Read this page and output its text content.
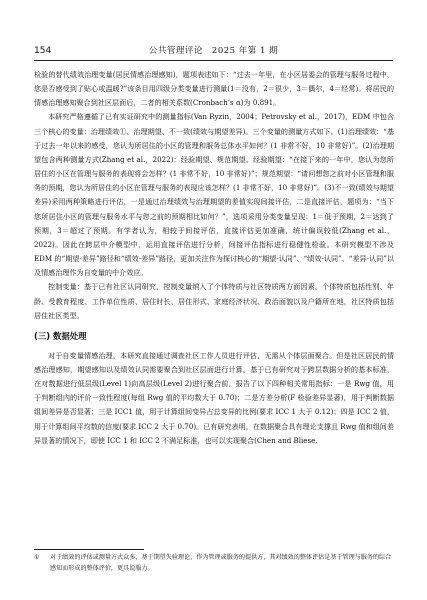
154	公共管理评论　2025 年第 1 期

检验的替代绩效治理变量(居民情感治理感知)，题项表述如下：“过去一年里，在小区居委会的管理与服务过程中，您是否感受到了贴心或温暖?”该条目用四级分类变量进行测量(1＝没有，2＝很少，3＝偶尔，4＝经常)。将居民的情感治理感知聚合到社区层面后，二者的相关系数(Cronbach’s α)为 0.891。

本研究严格遵循了已有实证研究中的测量指标(Van Ryzin，2004；Petrovsky et al.，2017)，EDM 中包含三个核心的变量：治理绩效①、治理期望、不一致(绩效与期望差异)。三个变量的测量方式如下。(1)治理绩效：“基于过去一年以来的感受，您认为所居住的小区的管理和服务总体水平如何？(1 非常不好，10 非常好)”。(2)治理期望包含两种测量方式(Zhang et al.，2022)：经验期望、规范期望。经验期望：“在接下来的一年中，您认为您所居住的小区在管理与服务的表现将会怎样？(1 非常不好，10 非常好)”；规范期望：“请问想您之前对小区管理和服务的预期，您认为所居住的小区在管理与服务的表现应该怎样？(1 非常不好，10 非常好)”。(3)不一致(绩效与期望差异)采用两种策略进行评估，一是通过治理绩效与治理期望的差值实现间接评估，二是直接评估，题项为：“当下您所居住小区的管理与服务水平与您之前的预期相比如何？”，选项采用分类变量呈现：1＝低于预期，2＝达到了预期，3＝超过了预期。有学者认为，相较于间接评估，直接评估更加准确，统计偏误较低(Zhang et al.，2022)。因此在跨层中介模型中，运用直接评估进行分析，间接评估指标进行稳健性检验。本研究模型不涉及 EDM 的“期望-差异”路径和“绩效-差异”路径，更加关注作为探讨核心的“期望-认同”、“绩效-认同”、“差异-认同”以及情感治理作为自变量的中介效应。

控制变量：基于已有社区认同研究，控制变量纳入了个体特质与社区特质两方面因素。个体特质包括性别、年龄、受教育程度、工作单位性质、居住时长、居住形式、家庭经济状况、政治面貌以及户籍所在地，社区特质包括居住社区类型。

(三) 数据处理

对于自变量情感治理，本研究直接通过调查社区工作人员进行评估，无需从个体层面聚合。但是社区居民的情感治理感知，期望感知以及绩效认同需要聚合到社区层面进行计算。基于已有研究对于跨层数据分析的基本标准，在对数据进行低层级(Level 1)向高层级(Level 2)进行聚合前，报告了以下四种相关常用指标：一是 Rwg 值，用于判断组内的评价一致性程度(每组 Rwg 值的平均数大于 0.70)；二是方差分析(F 检验差异显著)，用于判断数据组间差异是否显著；三是 ICC1 值，用于计算组间变异占总变异的比例(要求 ICC 1 大于 0.12)；四是 ICC 2 值，用于计算组间平均数的信度(要求 ICC 2 大于 0.70)。已有研究表明，在数据聚合具有理论支撑且 Rwg 值和组间差异显著的情况下，即使 ICC 1 和 ICC 2 不满足标准，也可以实现聚合(Chen and Bliese,

① 对于绩效的评估或测量方式众多，基于期望失验理论，作为管理或服务的提供方，其对绩效的整体评估是基于管理与服务的综合感知而形成的整体评价，更具说服力。
